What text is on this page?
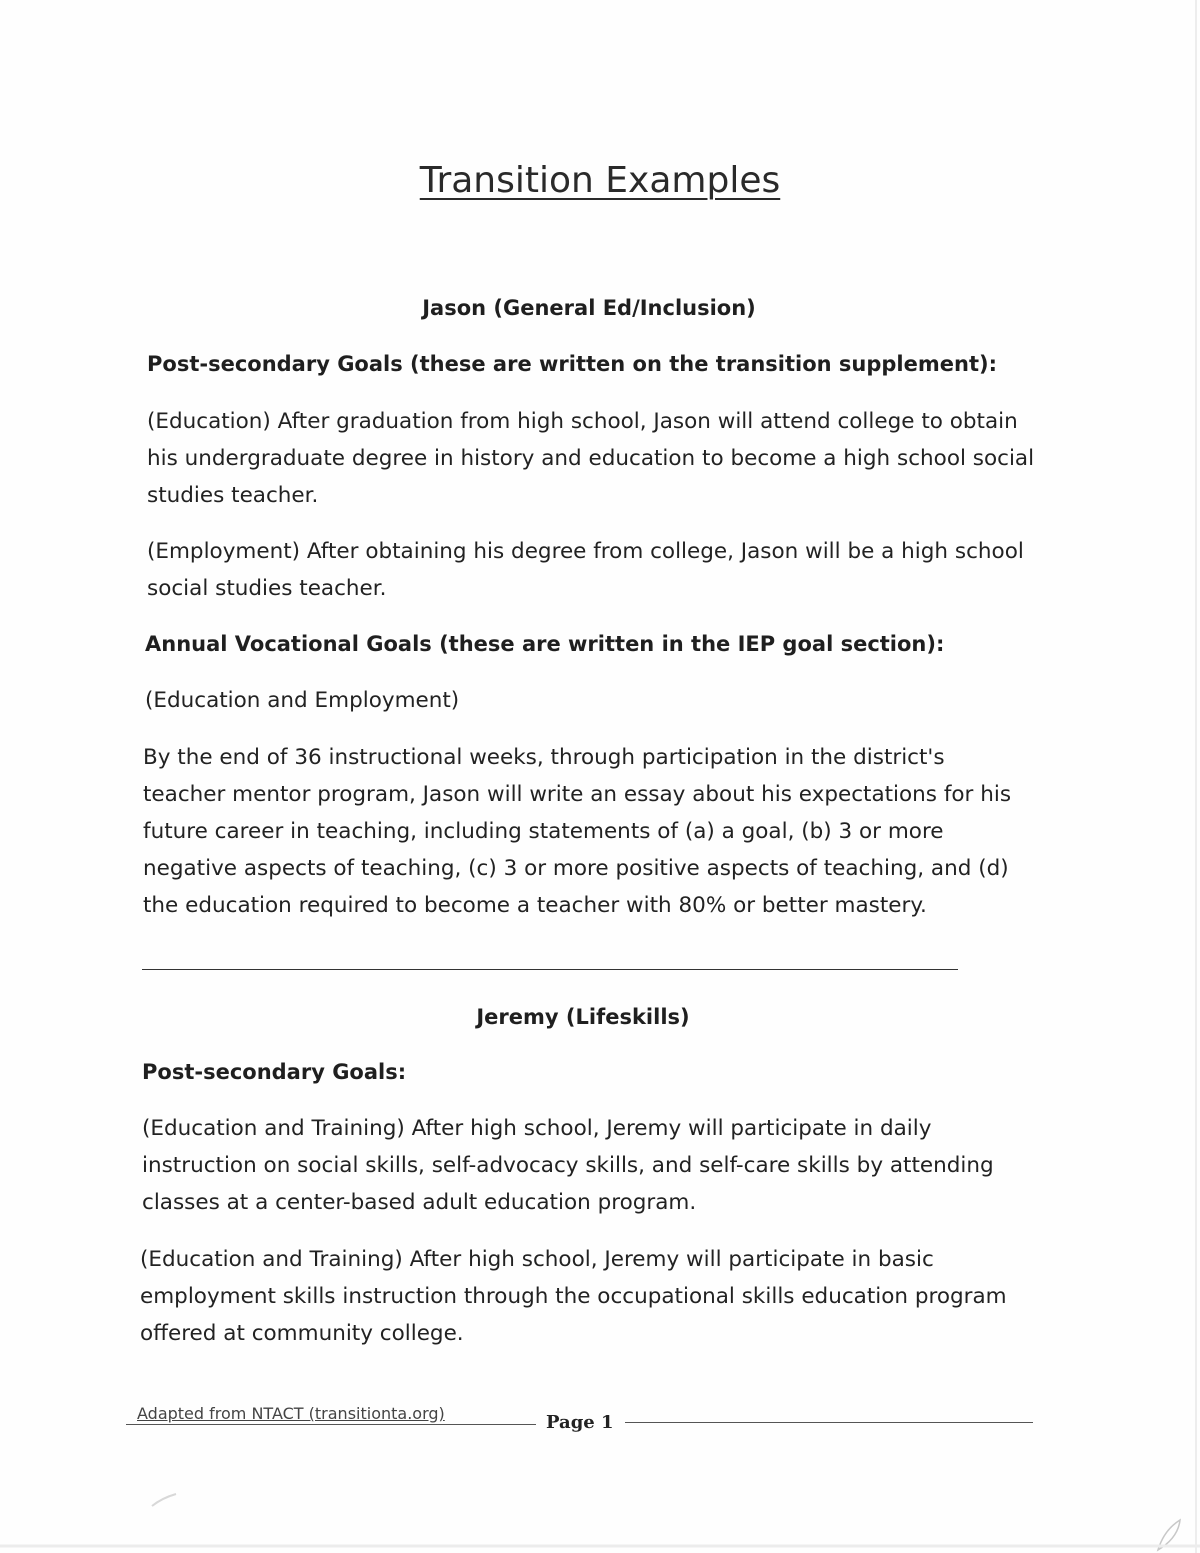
Transition Examples
Jason (General Ed/Inclusion)
Post-secondary Goals (these are written on the transition supplement):
(Education) After graduation from high school, Jason will attend college to obtain his undergraduate degree in history and education to become a high school social studies teacher.
(Employment) After obtaining his degree from college, Jason will be a high school social studies teacher.
Annual Vocational Goals (these are written in the IEP goal section):
(Education and Employment)
By the end of 36 instructional weeks, through participation in the district's teacher mentor program, Jason will write an essay about his expectations for his future career in teaching, including statements of (a) a goal, (b) 3 or more negative aspects of teaching, (c) 3 or more positive aspects of teaching, and (d) the education required to become a teacher with 80% or better mastery.
Jeremy (Lifeskills)
Post-secondary Goals:
(Education and Training) After high school, Jeremy will participate in daily instruction on social skills, self-advocacy skills, and self-care skills by attending classes at a center-based adult education program.
(Education and Training) After high school, Jeremy will participate in basic employment skills instruction through the occupational skills education program offered at community college.
Adapted from NTACT (transitionta.org)	Page 1
